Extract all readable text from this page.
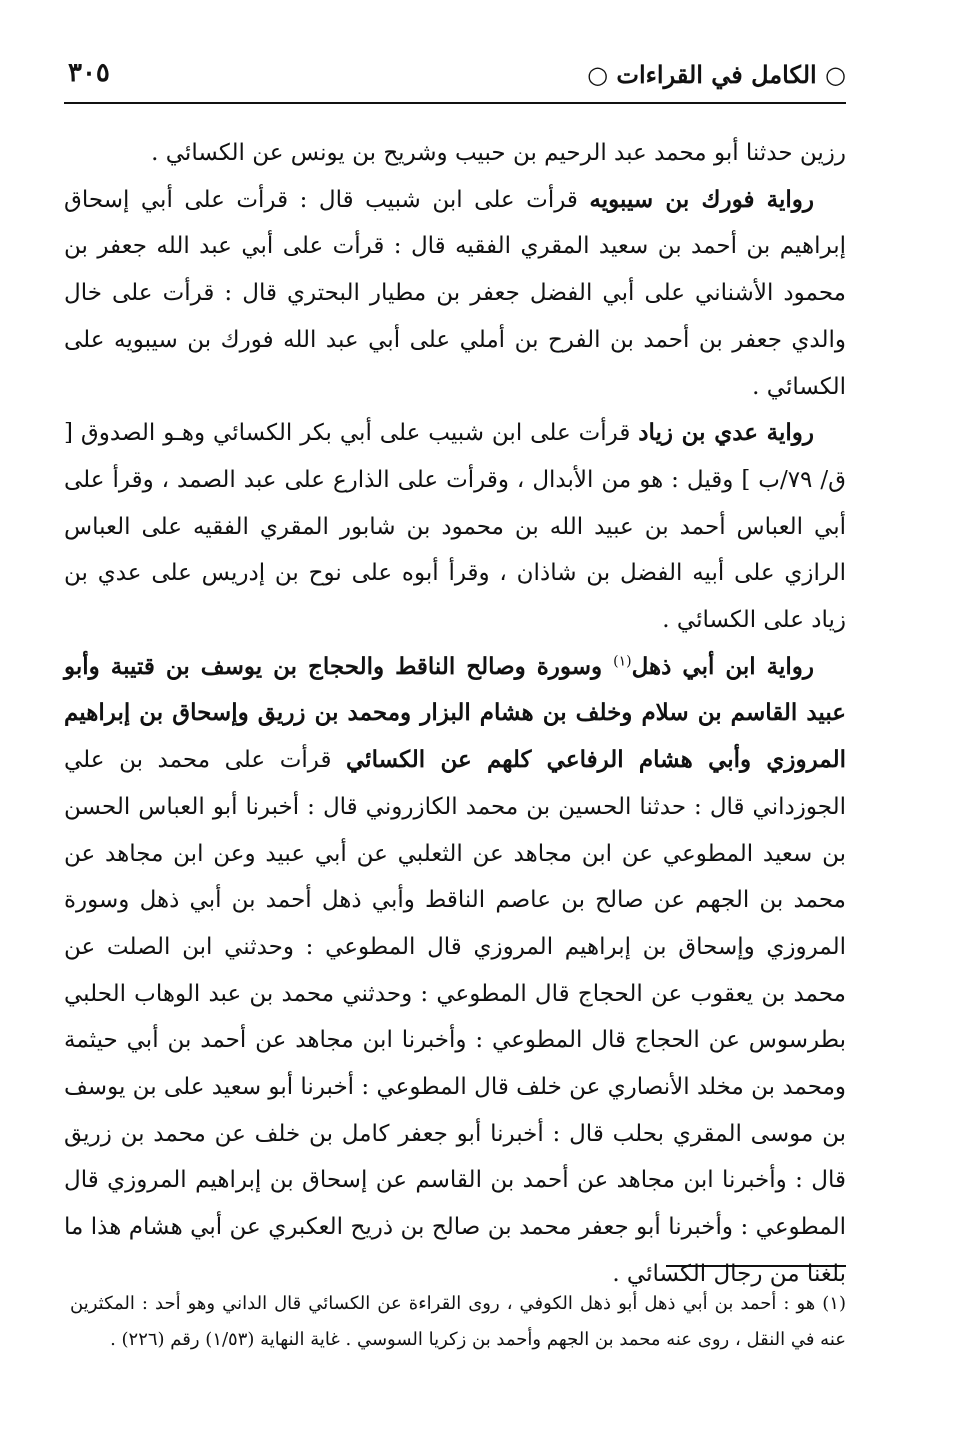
○ الكامل في القراءات ○
٣٠٥

رزين حدثنا أبو محمد عبد الرحيم بن حبيب وشريح بن يونس عن الكسائي .

رواية فورك بن سيبويه قرأت على ابن شبيب قال : قرأت على أبي إسحاق إبراهيم بن أحمد بن سعيد المقري الفقيه قال : قرأت على أبي عبد الله جعفر بن محمود الأشناني على أبي الفضل جعفر بن مطيار البحتري قال : قرأت على خال والدي جعفر بن أحمد بن الفرح بن أملي على أبي عبد الله فورك بن سيبويه على الكسائي .

رواية عدي بن زياد قرأت على ابن شبيب على أبي بكر الكسائي وهـو الصدوق [ ق/ ٧٩/ب ] وقيل : هو من الأبدال ، وقرأت على الذارع على عبد الصمد ، وقرأ على أبي العباس أحمد بن عبيد الله بن محمود بن شابور المقري الفقيه على العباس الرازي على أبيه الفضل بن شاذان ، وقرأ أبوه على نوح بن إدريس على عدي بن زياد على الكسائي .

رواية ابن أبي ذهل$^{(١)}$ وسورة وصالح الناقط والحجاج بن يوسف بن قتيبة وأبو عبيد القاسم بن سلام وخلف بن هشام البزار ومحمد بن زريق وإسحاق بن إبراهيم المروزي وأبي هشام الرفاعي كلهم عن الكسائي قرأت على محمد بن علي الجوزداني قال : حدثنا الحسين بن محمد الكازروني قال : أخبرنا أبو العباس الحسن بن سعيد المطوعي عن ابن مجاهد عن الثعلبي عن أبي عبيد وعن ابن مجاهد عن محمد بن الجهم عن صالح بن عاصم الناقط وأبي ذهل أحمد بن أبي ذهل وسورة المروزي وإسحاق بن إبراهيم المروزي قال المطوعي : وحدثني ابن الصلت عن محمد بن يعقوب عن الحجاج قال المطوعي : وحدثني محمد بن عبد الوهاب الحلبي بطرسوس عن الحجاج قال المطوعي : وأخبرنا ابن مجاهد عن أحمد بن أبي حيثمة ومحمد بن مخلد الأنصاري عن خلف قال المطوعي : أخبرنا أبو سعيد على بن يوسف بن موسى المقري بحلب قال : أخبرنا أبو جعفر كامل بن خلف عن محمد بن زريق قال : وأخبرنا ابن مجاهد عن أحمد بن القاسم عن إسحاق بن إبراهيم المروزي قال المطوعي : وأخبرنا أبو جعفر محمد بن صالح بن ذريح العكبري عن أبي هشام هذا ما بلغنا من رجال الكسائي .

(١) هو : أحمد بن أبي ذهل أبو ذهل الكوفي ، روى القراءة عن الكسائي قال الداني وهو أحد : المكثرين عنه في النقل ، روى عنه محمد بن الجهم وأحمد بن زكريا السوسي . غاية النهاية (١/٥٣) رقم (٢٢٦) .
